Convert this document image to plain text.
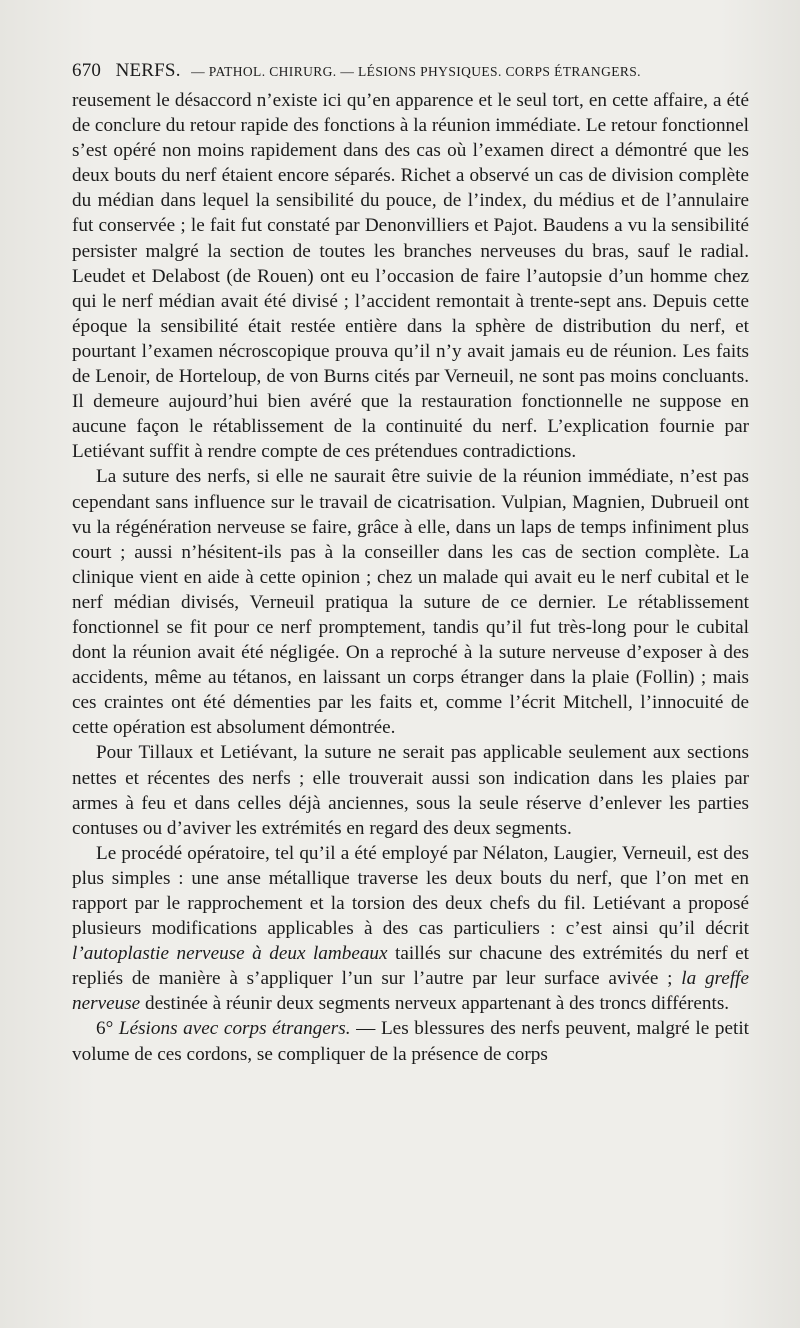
670 NERFS. — PATHOL. CHIRURG. — LÉSIONS PHYSIQUES. CORPS ÉTRANGERS.

reusement le désaccord n’existe ici qu’en apparence et le seul tort, en cette affaire, a été de conclure du retour rapide des fonctions à la réunion immédiate. Le retour fonctionnel s’est opéré non moins rapidement dans des cas où l’examen direct a démontré que les deux bouts du nerf étaient encore séparés. Richet a observé un cas de division complète du médian dans lequel la sensibilité du pouce, de l’index, du médius et de l’annulaire fut conservée ; le fait fut constaté par Denonvilliers et Pajot. Baudens a vu la sensibilité persister malgré la section de toutes les branches nerveuses du bras, sauf le radial. Leudet et Delabost (de Rouen) ont eu l’occasion de faire l’autopsie d’un homme chez qui le nerf médian avait été divisé ; l’accident remontait à trente-sept ans. Depuis cette époque la sensibilité était restée entière dans la sphère de distribution du nerf, et pourtant l’examen nécroscopique prouva qu’il n’y avait jamais eu de réunion. Les faits de Lenoir, de Horteloup, de von Burns cités par Verneuil, ne sont pas moins concluants. Il demeure aujourd’hui bien avéré que la restauration fonctionnelle ne suppose en aucune façon le rétablissement de la continuité du nerf. L’explication fournie par Letiévant suffit à rendre compte de ces prétendues contradictions.

La suture des nerfs, si elle ne saurait être suivie de la réunion immédiate, n’est pas cependant sans influence sur le travail de cicatrisation. Vulpian, Magnien, Dubrueil ont vu la régénération nerveuse se faire, grâce à elle, dans un laps de temps infiniment plus court ; aussi n’hésitent-ils pas à la conseiller dans les cas de section complète. La clinique vient en aide à cette opinion ; chez un malade qui avait eu le nerf cubital et le nerf médian divisés, Verneuil pratiqua la suture de ce dernier. Le rétablissement fonctionnel se fit pour ce nerf promptement, tandis qu’il fut très-long pour le cubital dont la réunion avait été négligée. On a reproché à la suture nerveuse d’exposer à des accidents, même au tétanos, en laissant un corps étranger dans la plaie (Follin) ; mais ces craintes ont été démenties par les faits et, comme l’écrit Mitchell, l’innocuité de cette opération est absolument démontrée.

Pour Tillaux et Letiévant, la suture ne serait pas applicable seulement aux sections nettes et récentes des nerfs ; elle trouverait aussi son indication dans les plaies par armes à feu et dans celles déjà anciennes, sous la seule réserve d’enlever les parties contuses ou d’aviver les extrémités en regard des deux segments.

Le procédé opératoire, tel qu’il a été employé par Nélaton, Laugier, Verneuil, est des plus simples : une anse métallique traverse les deux bouts du nerf, que l’on met en rapport par le rapprochement et la torsion des deux chefs du fil. Letiévant a proposé plusieurs modifications applicables à des cas particuliers : c’est ainsi qu’il décrit l’autoplastie nerveuse à deux lambeaux taillés sur chacune des extrémités du nerf et repliés de manière à s’appliquer l’un sur l’autre par leur surface avivée ; la greffe nerveuse destinée à réunir deux segments nerveux appartenant à des troncs différents.

6° Lésions avec corps étrangers. — Les blessures des nerfs peuvent, malgré le petit volume de ces cordons, se compliquer de la présence de corps
